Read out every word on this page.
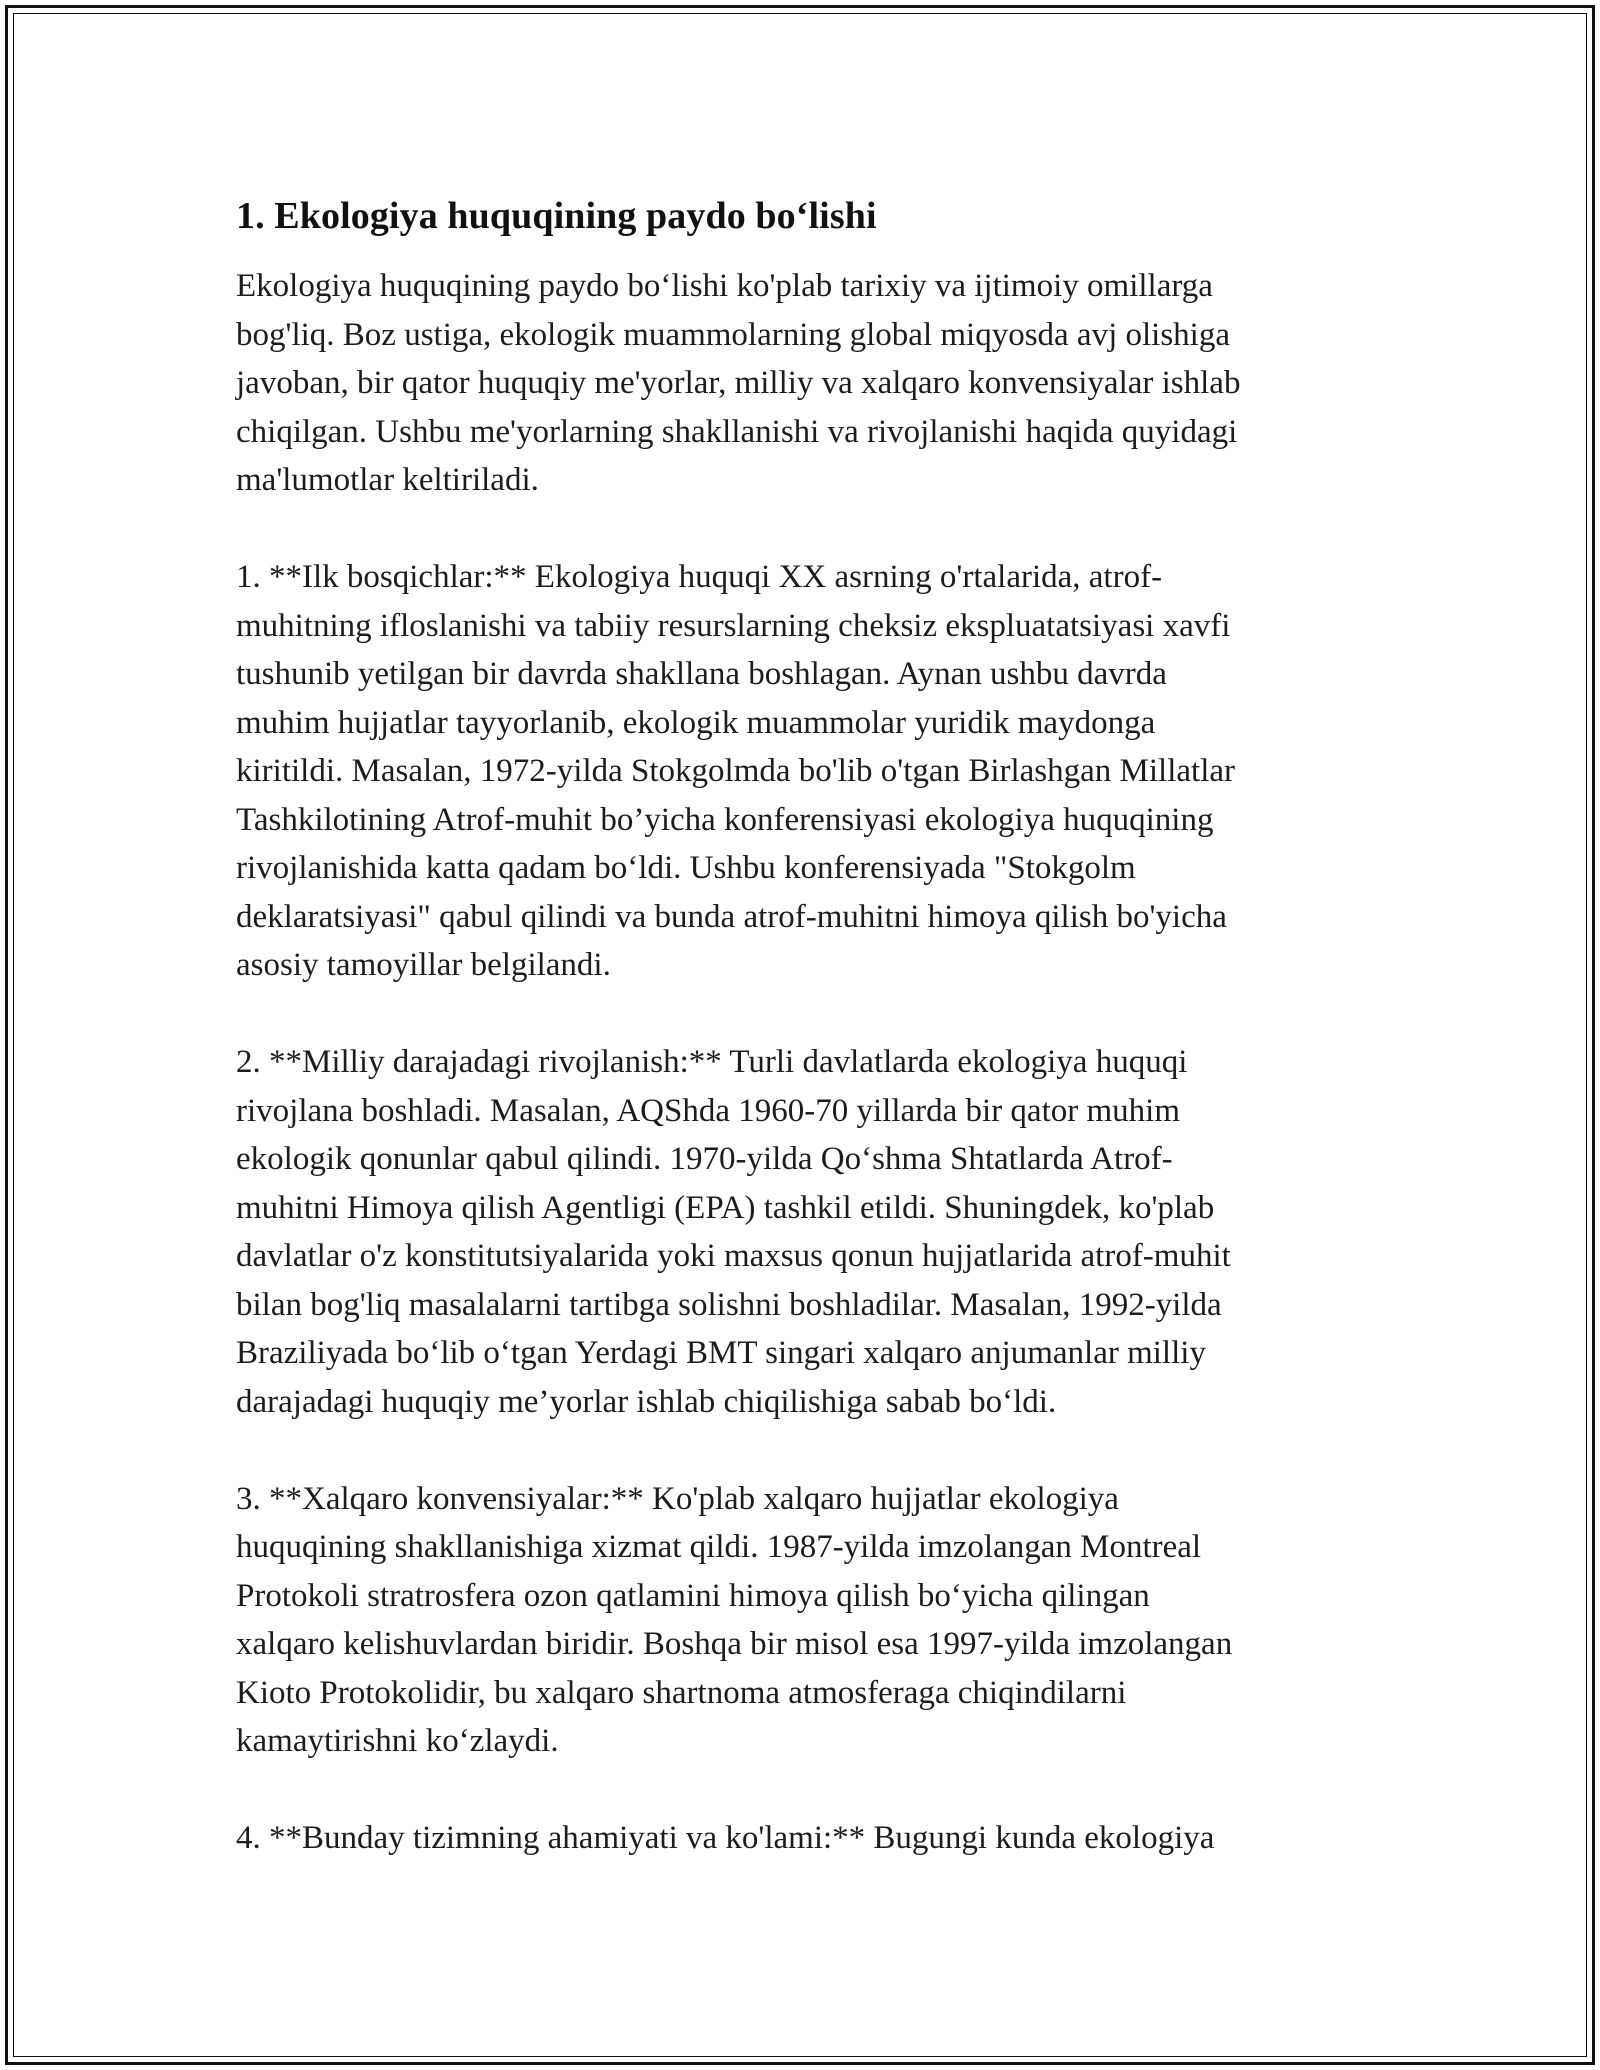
1. Ekologiya huquqining paydo bo‘lishi

Ekologiya huquqining paydo bo‘lishi ko'plab tarixiy va ijtimoiy omillarga
bog'liq. Boz ustiga, ekologik muammolarning global miqyosda avj olishiga
javoban, bir qator huquqiy me'yorlar, milliy va xalqaro konvensiyalar ishlab
chiqilgan. Ushbu me'yorlarning shakllanishi va rivojlanishi haqida quyidagi
ma'lumotlar keltiriladi.

1. **Ilk bosqichlar:** Ekologiya huquqi XX asrning o'rtalarida, atrof-
muhitning ifloslanishi va tabiiy resurslarning cheksiz ekspluatatsiyasi xavfi
tushunib yetilgan bir davrda shakllana boshlagan. Aynan ushbu davrda
muhim hujjatlar tayyorlanib, ekologik muammolar yuridik maydonga
kiritildi. Masalan, 1972-yilda Stokgolmda bo'lib o'tgan Birlashgan Millatlar
Tashkilotining Atrof-muhit bo’yicha konferensiyasi ekologiya huquqining
rivojlanishida katta qadam bo‘ldi. Ushbu konferensiyada "Stokgolm
deklaratsiyasi" qabul qilindi va bunda atrof-muhitni himoya qilish bo'yicha
asosiy tamoyillar belgilandi.

2. **Milliy darajadagi rivojlanish:** Turli davlatlarda ekologiya huquqi
rivojlana boshladi. Masalan, AQShda 1960-70 yillarda bir qator muhim
ekologik qonunlar qabul qilindi. 1970-yilda Qo‘shma Shtatlarda Atrof-
muhitni Himoya qilish Agentligi (EPA) tashkil etildi. Shuningdek, ko'plab
davlatlar o'z konstitutsiyalarida yoki maxsus qonun hujjatlarida atrof-muhit
bilan bog'liq masalalarni tartibga solishni boshladilar. Masalan, 1992-yilda
Braziliyada bo‘lib o‘tgan Yerdagi BMT singari xalqaro anjumanlar milliy
darajadagi huquqiy me’yorlar ishlab chiqilishiga sabab bo‘ldi.

3. **Xalqaro konvensiyalar:** Ko'plab xalqaro hujjatlar ekologiya
huquqining shakllanishiga xizmat qildi. 1987-yilda imzolangan Montreal
Protokoli stratrosfera ozon qatlamini himoya qilish bo‘yicha qilingan
xalqaro kelishuvlardan biridir. Boshqa bir misol esa 1997-yilda imzolangan
Kioto Protokolidir, bu xalqaro shartnoma atmosferaga chiqindilarni
kamaytirishni ko‘zlaydi.

4. **Bunday tizimning ahamiyati va ko'lami:** Bugungi kunda ekologiya
